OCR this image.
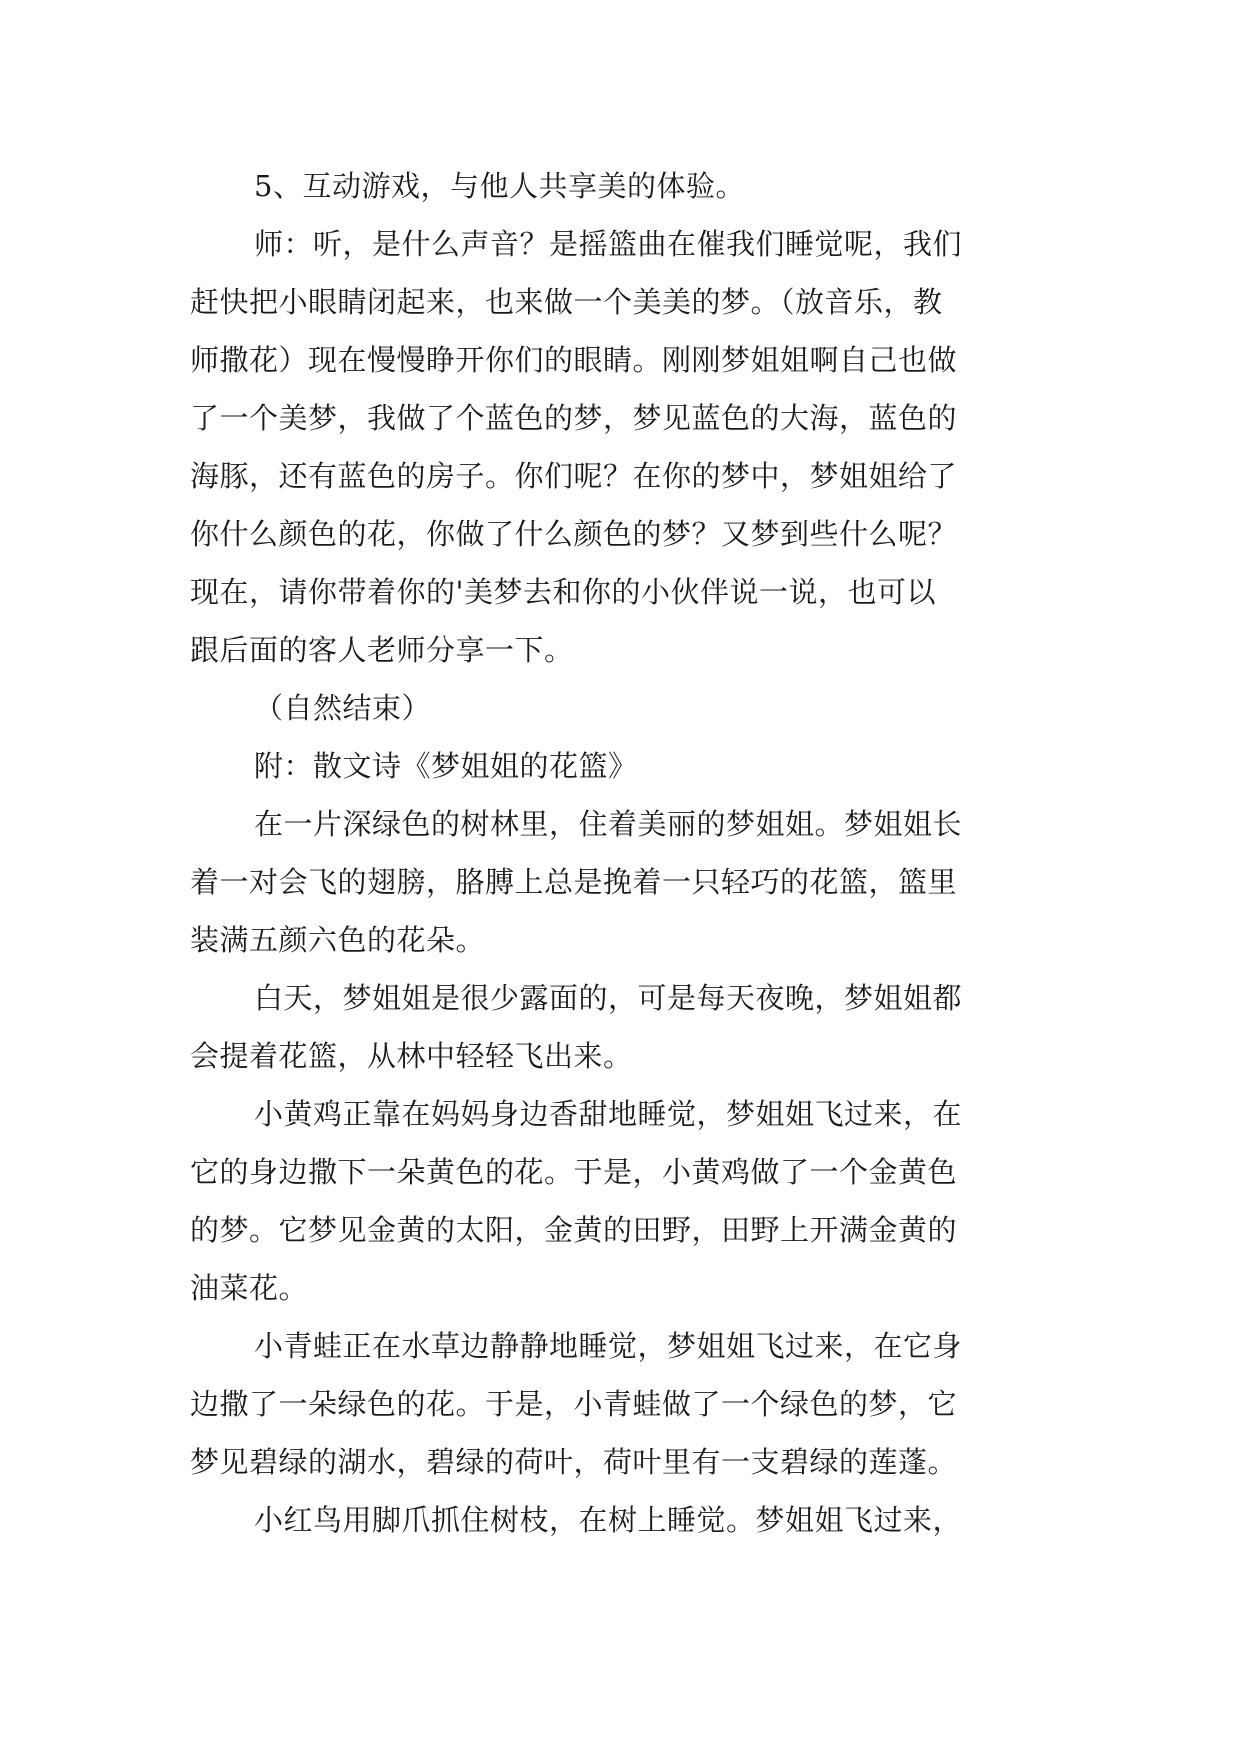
5、互动游戏，与他人共享美的体验。
师：听，是什么声音？是摇篮曲在催我们睡觉呢，我们
赶快把小眼睛闭起来，也来做一个美美的梦。（放音乐，教
师撒花）现在慢慢睁开你们的眼睛。刚刚梦姐姐啊自己也做
了一个美梦，我做了个蓝色的梦，梦见蓝色的大海，蓝色的
海豚，还有蓝色的房子。你们呢？在你的梦中，梦姐姐给了
你什么颜色的花，你做了什么颜色的梦？又梦到些什么呢？
现在，请你带着你的'美梦去和你的小伙伴说一说，也可以
跟后面的客人老师分享一下。
（自然结束）
附：散文诗《梦姐姐的花篮》
在一片深绿色的树林里，住着美丽的梦姐姐。梦姐姐长
着一对会飞的翅膀，胳膊上总是挽着一只轻巧的花篮，篮里
装满五颜六色的花朵。
白天，梦姐姐是很少露面的，可是每天夜晚，梦姐姐都
会提着花篮，从林中轻轻飞出来。
小黄鸡正靠在妈妈身边香甜地睡觉，梦姐姐飞过来，在
它的身边撒下一朵黄色的花。于是，小黄鸡做了一个金黄色
的梦。它梦见金黄的太阳，金黄的田野，田野上开满金黄的
油菜花。
小青蛙正在水草边静静地睡觉，梦姐姐飞过来，在它身
边撒了一朵绿色的花。于是，小青蛙做了一个绿色的梦，它
梦见碧绿的湖水，碧绿的荷叶，荷叶里有一支碧绿的莲蓬。
小红鸟用脚爪抓住树枝，在树上睡觉。梦姐姐飞过来，
